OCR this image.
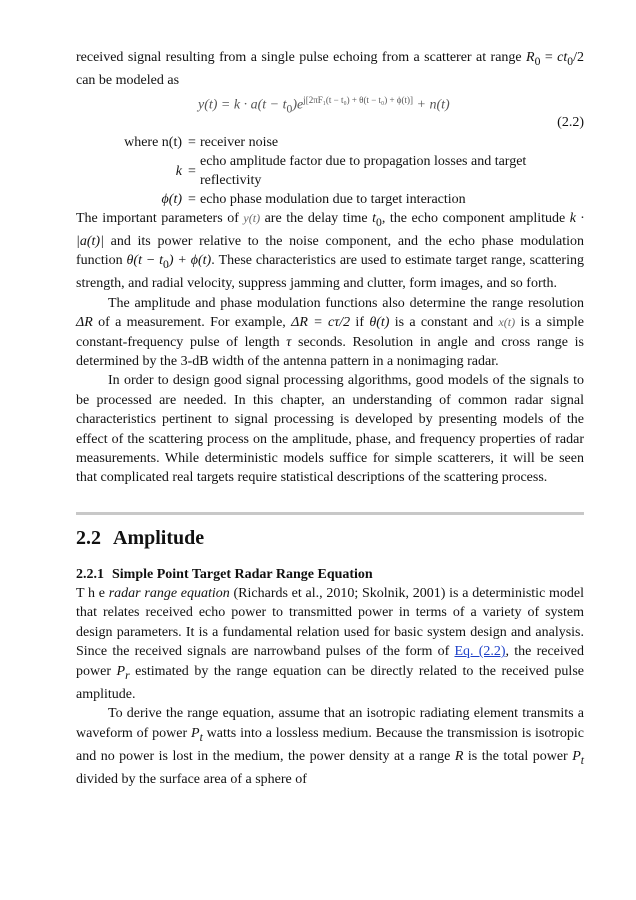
received signal resulting from a single pulse echoing from a scatterer at range $R_0 = ct_0/2$ can be modeled as

$y(t) = k \cdot a(t - t_0)e^{j[2\pi F_1(t - t_0) + \theta(t - t_0) + \phi(t)]} + n(t)$
(2.2)
where n(t) = receiver noise
k =
echo amplitude factor due to propagation losses and target reflectivity
ϕ(t) = echo phase modulation due to target interaction

The important parameters of y(t) are the delay time $t_0$, the echo component amplitude k · |a(t)| and its power relative to the noise component, and the echo phase modulation function $\theta(t - t_0) + \phi(t)$. These characteristics are used to estimate target range, scattering strength, and radial velocity, suppress jamming and clutter, form images, and so forth.

The amplitude and phase modulation functions also determine the range resolution ΔR of a measurement. For example, ΔR = cτ/2 if θ(t) is a constant and x(t) is a simple constant-frequency pulse of length τ seconds. Resolution in angle and cross range is determined by the 3-dB width of the antenna pattern in a nonimaging radar.

In order to design good signal processing algorithms, good models of the signals to be processed are needed. In this chapter, an understanding of common radar signal characteristics pertinent to signal processing is developed by presenting models of the effect of the scattering process on the amplitude, phase, and frequency properties of radar measurements. While deterministic models suffice for simple scatterers, it will be seen that complicated real targets require statistical descriptions of the scattering process.

2.2 Amplitude
2.2.1 Simple Point Target Radar Range Equation

T h e radar range equation (Richards et al., 2010; Skolnik, 2001) is a deterministic model that relates received echo power to transmitted power in terms of a variety of system design parameters. It is a fundamental relation used for basic system design and analysis. Since the received signals are narrowband pulses of the form of Eq. (2.2), the received power $P_r$ estimated by the range equation can be directly related to the received pulse amplitude.

To derive the range equation, assume that an isotropic radiating element transmits a waveform of power $P_t$ watts into a lossless medium. Because the transmission is isotropic and no power is lost in the medium, the power density at a range R is the total power $P_t$ divided by the surface area of a sphere of
